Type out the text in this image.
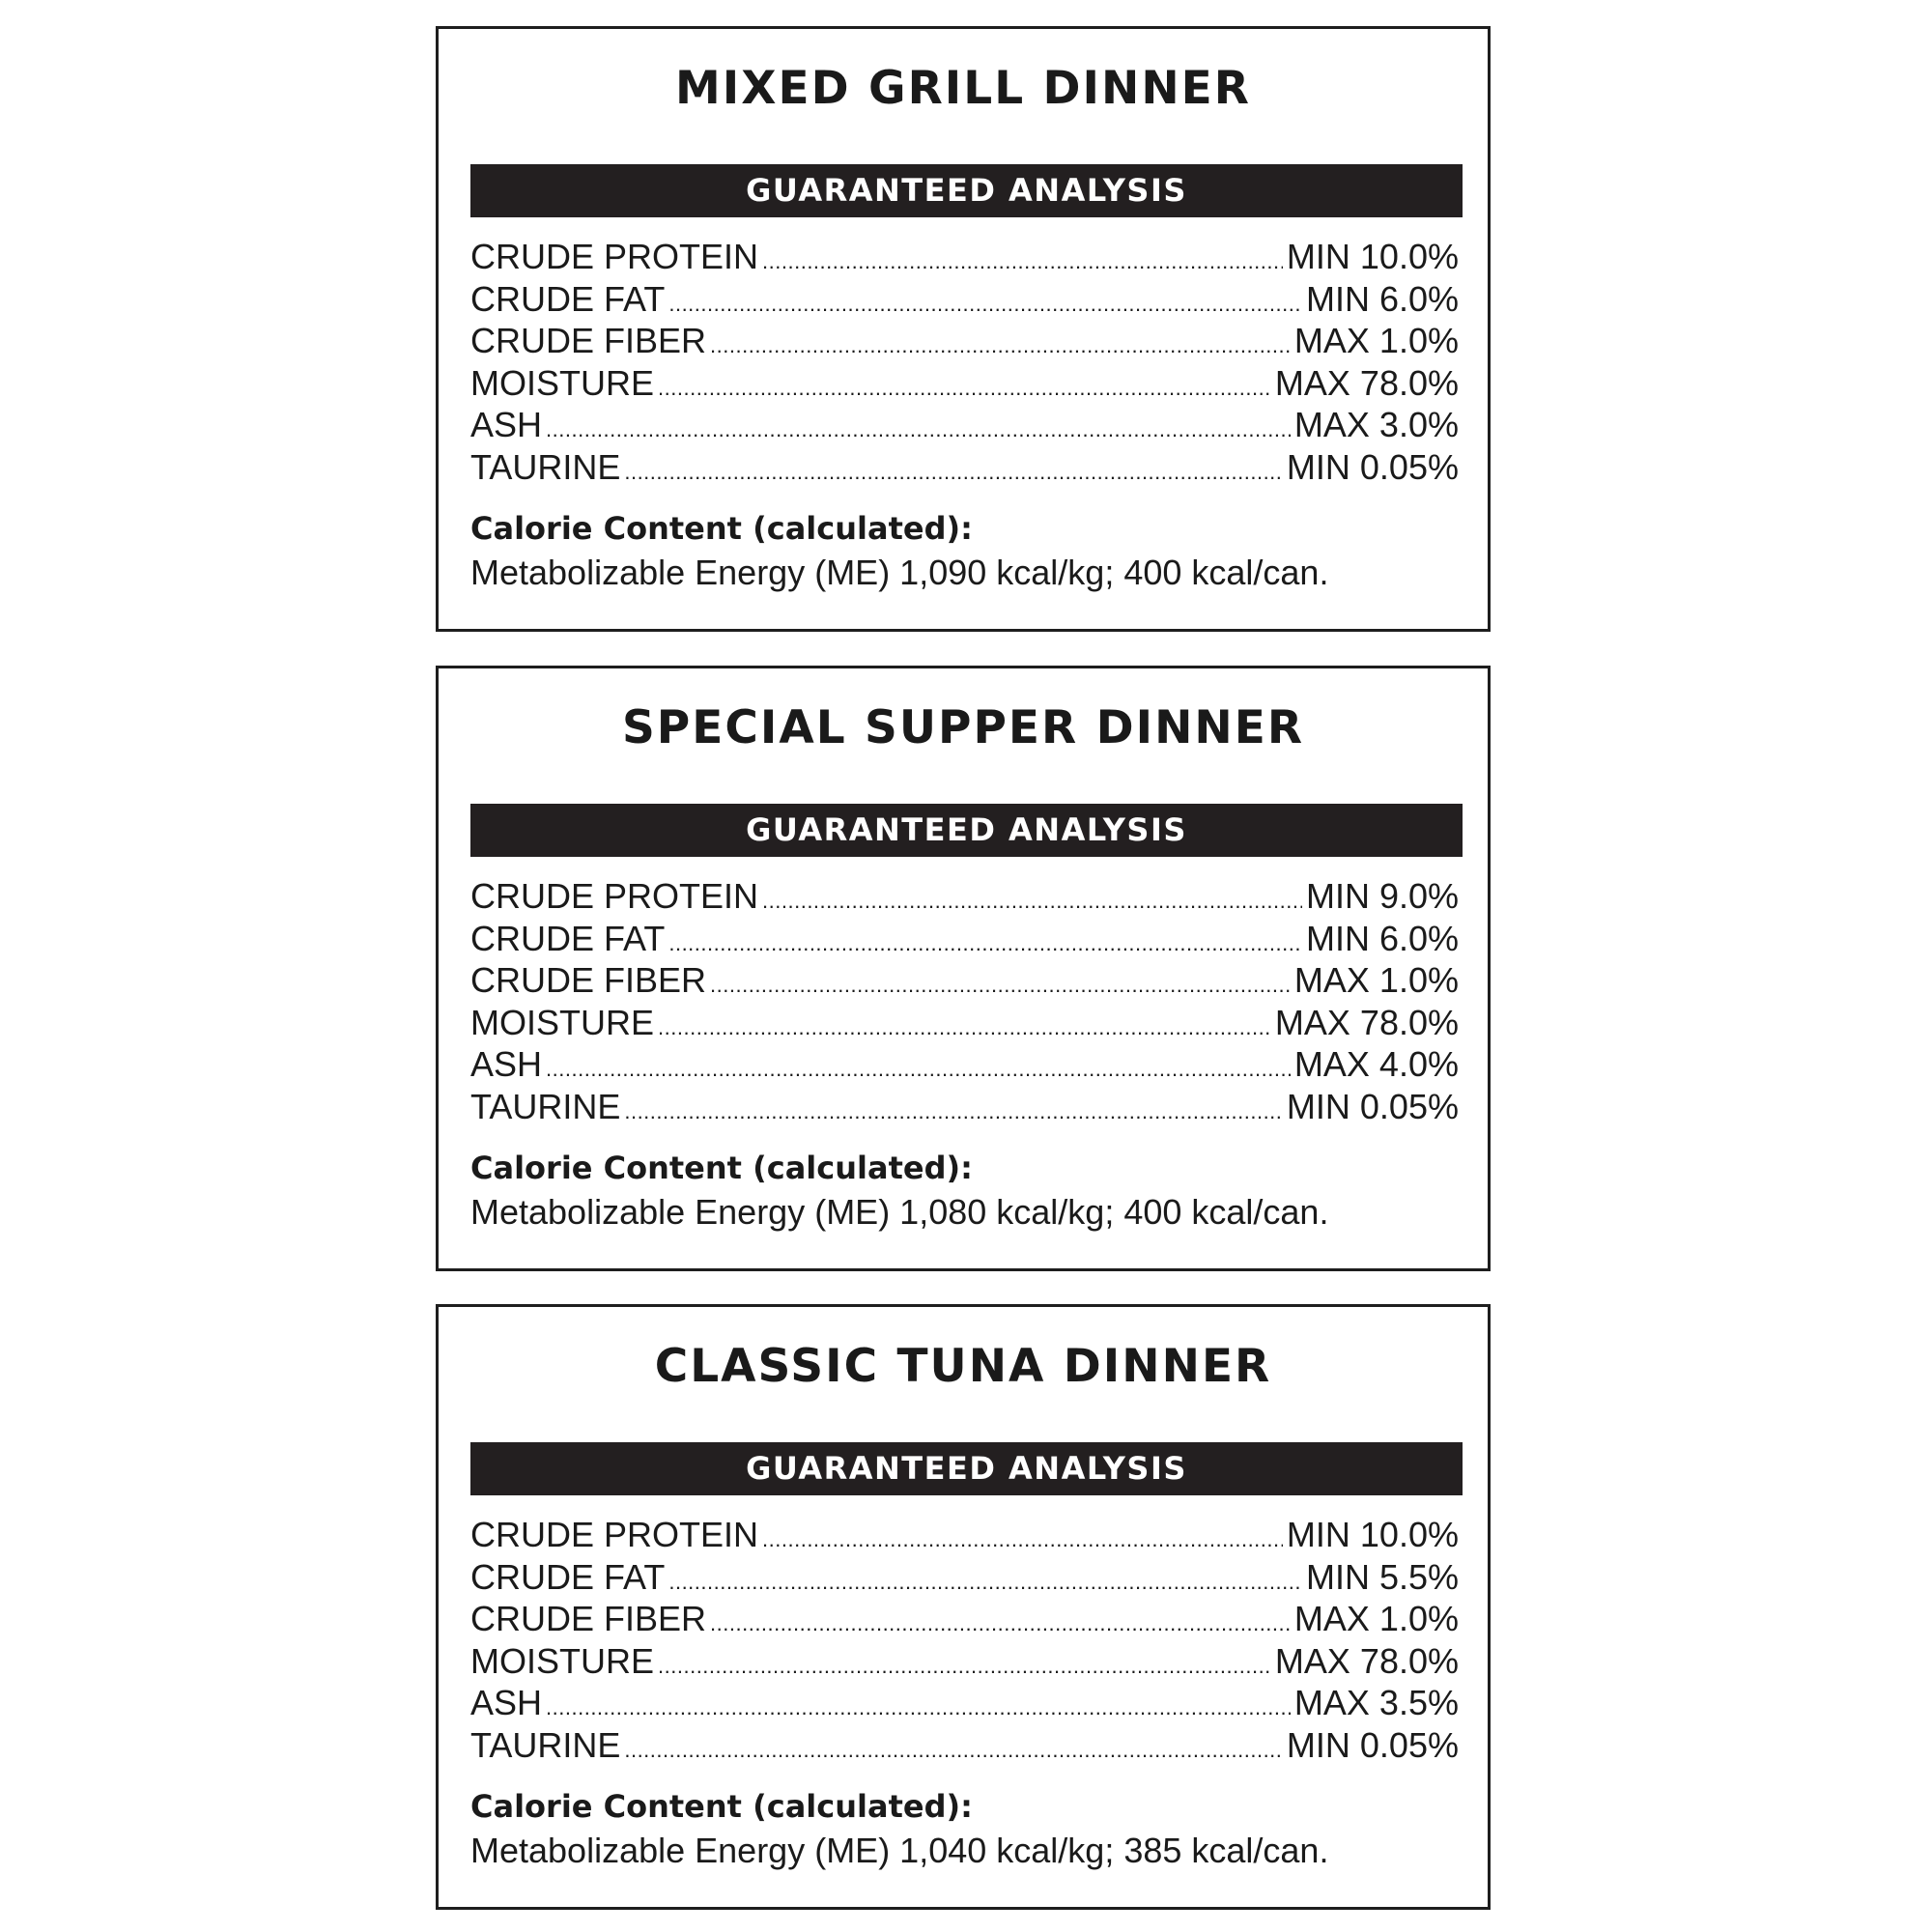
MIXED GRILL DINNER
GUARANTEED ANALYSIS
CRUDE PROTEIN .....	MIN 10.0%
CRUDE FAT .....	MIN 6.0%
CRUDE FIBER .....	MAX 1.0%
MOISTURE .....	MAX 78.0%
ASH .....	MAX 3.0%
TAURINE .....	MIN 0.05%
Calorie Content (calculated):
Metabolizable Energy (ME) 1,090 kcal/kg; 400 kcal/can.
SPECIAL SUPPER DINNER
GUARANTEED ANALYSIS
CRUDE PROTEIN .....	MIN 9.0%
CRUDE FAT .....	MIN 6.0%
CRUDE FIBER .....	MAX 1.0%
MOISTURE .....	MAX 78.0%
ASH .....	MAX 4.0%
TAURINE .....	MIN 0.05%
Calorie Content (calculated):
Metabolizable Energy (ME) 1,080 kcal/kg; 400 kcal/can.
CLASSIC TUNA DINNER
GUARANTEED ANALYSIS
CRUDE PROTEIN .....	MIN 10.0%
CRUDE FAT .....	MIN 5.5%
CRUDE FIBER .....	MAX 1.0%
MOISTURE .....	MAX 78.0%
ASH .....	MAX 3.5%
TAURINE .....	MIN 0.05%
Calorie Content (calculated):
Metabolizable Energy (ME) 1,040 kcal/kg; 385 kcal/can.
